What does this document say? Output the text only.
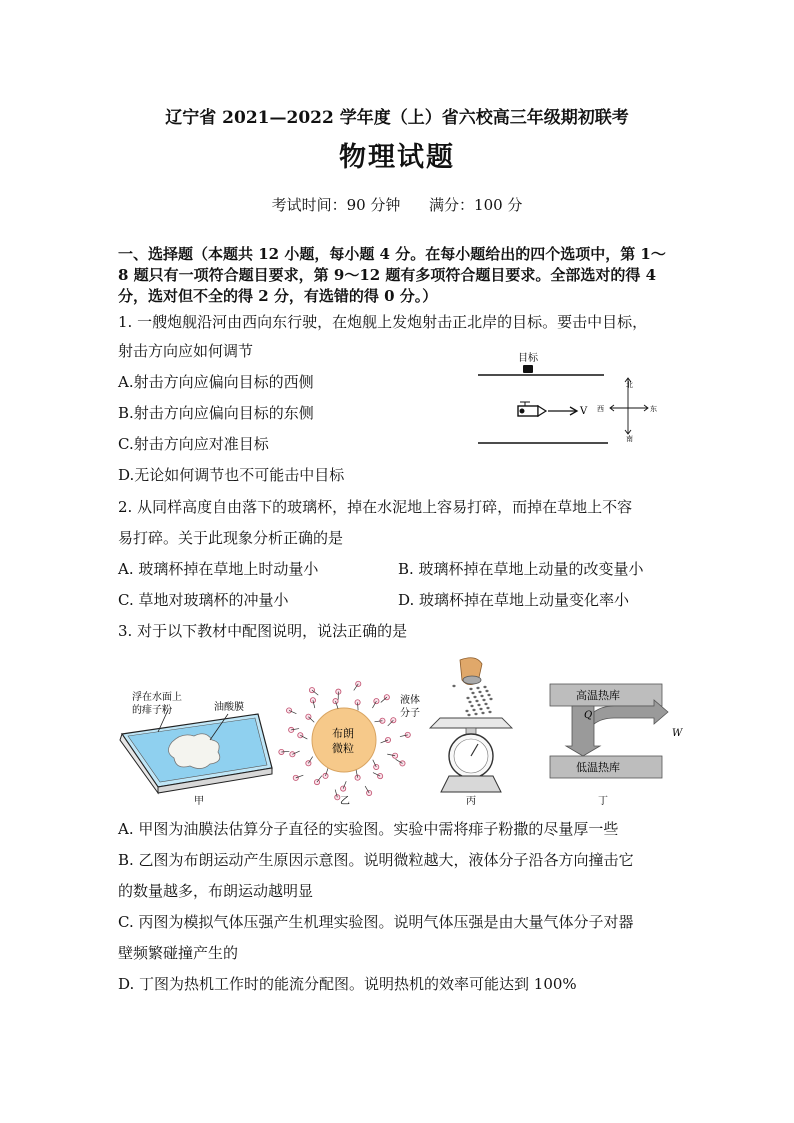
辽宁省 2021—2022 学年度（上）省六校高三年级期初联考
物理试题
考试时间：90 分钟      满分：100 分
一、选择题（本题共 12 小题，每小题 4 分。在每小题给出的四个选项中，第 1～
8 题只有一项符合题目要求，第 9～12 题有多项符合题目要求。全部选对的得 4
分，选对但不全的得 2 分，有选错的得 0 分。）
1. 一艘炮舰沿河由西向东行驶，在炮舰上发炮射击正北岸的目标。要击中目标，
射击方向应如何调节
A.射击方向应偏向目标的西侧
B.射击方向应偏向目标的东侧
C.射击方向应对准目标
D.无论如何调节也不可能击中目标
目标
V
北
南
西	东
2. 从同样高度自由落下的玻璃杯，掉在水泥地上容易打碎，而掉在草地上不容
易打碎。关于此现象分析正确的是
A. 玻璃杯掉在草地上时动量小	B. 玻璃杯掉在草地上动量的改变量小
C. 草地对玻璃杯的冲量小	D. 玻璃杯掉在草地上动量变化率小
3. 对于以下教材中配图说明，说法正确的是
浮在水面上
的痱子粉	油酸膜
甲
布朗
微粒
液体
分子
乙	丙
高温热库
低温热库
Q
W
丁
A. 甲图为油膜法估算分子直径的实验图。实验中需将痱子粉撒的尽量厚一些
B. 乙图为布朗运动产生原因示意图。说明微粒越大，液体分子沿各方向撞击它
的数量越多，布朗运动越明显
C. 丙图为模拟气体压强产生机理实验图。说明气体压强是由大量气体分子对器
壁频繁碰撞产生的
D. 丁图为热机工作时的能流分配图。说明热机的效率可能达到 100%
